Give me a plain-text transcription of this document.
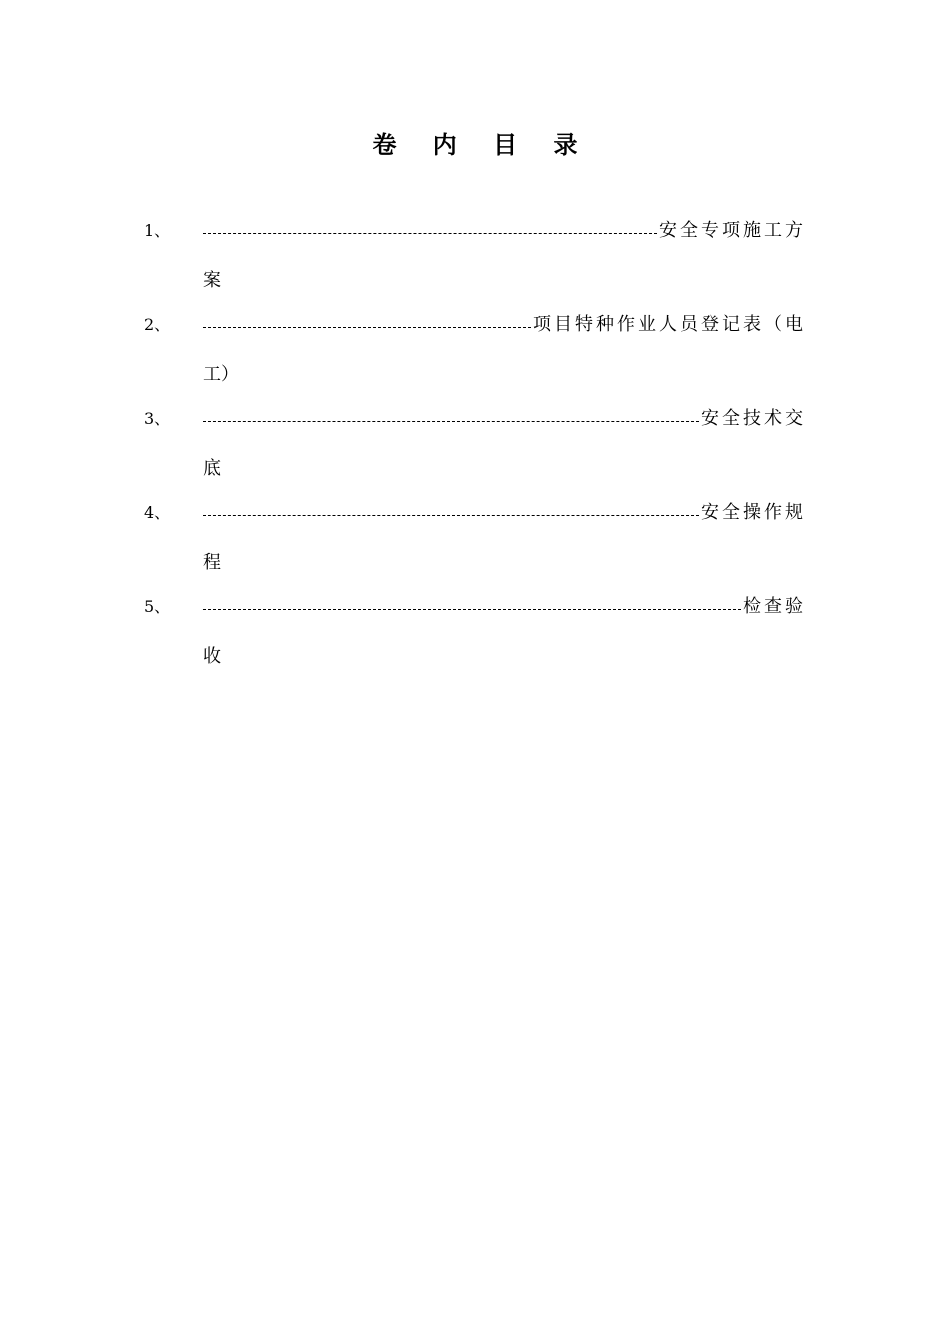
卷 内 目 录
1、	安全专项施工方
案
2、	项目特种作业人员登记表（电
工）
3、	安全技术交
底
4、	安全操作规
程
5、	检查验
收
